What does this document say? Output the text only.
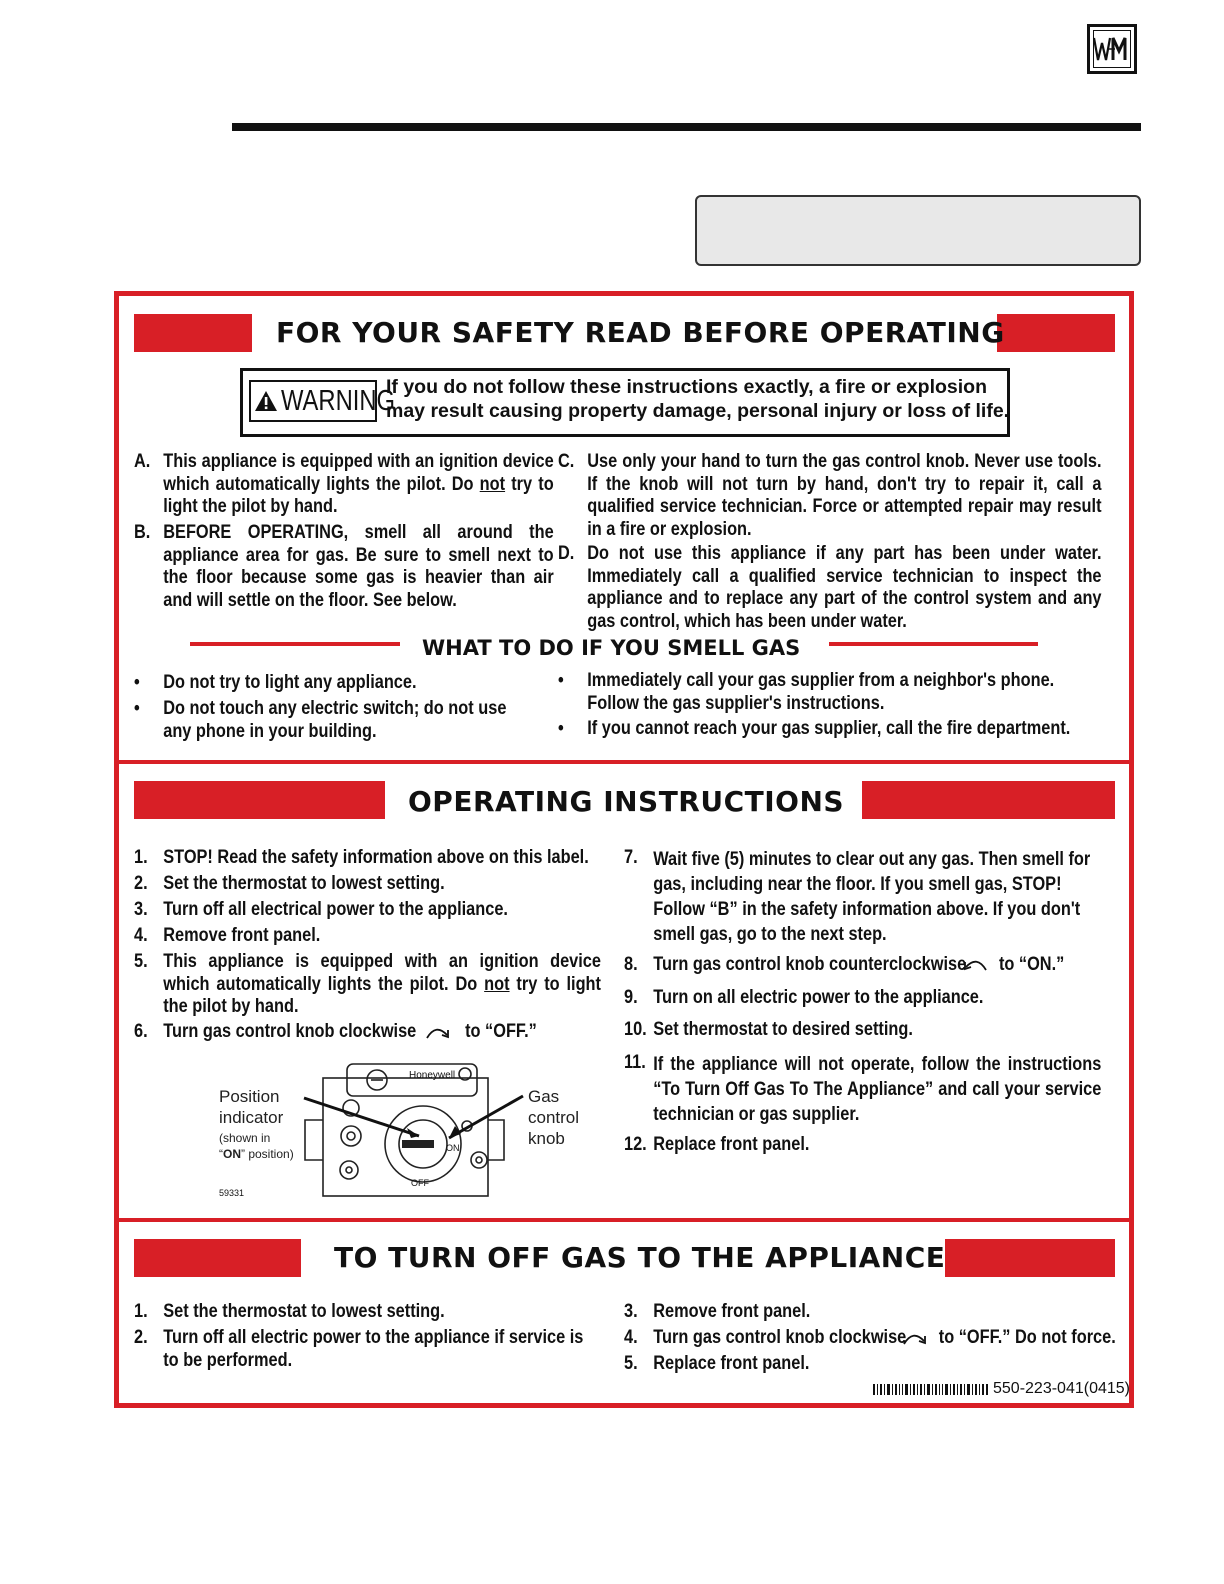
FOR YOUR SAFETY READ BEFORE OPERATING
WARNING
If you do not follow these instructions exactly, a fire or explosion
may result causing property damage, personal injury or loss of life.
A. This appliance is equipped with an ignition device which automatically lights the pilot. Do not try to light the pilot by hand.
B. BEFORE OPERATING, smell all around the appliance area for gas. Be sure to smell next to the floor because some gas is heavier than air and will settle on the floor. See below.
C. Use only your hand to turn the gas control knob. Never use tools. If the knob will not turn by hand, don't try to repair it, call a qualified service technician. Force or attempted repair may result in a fire or explosion.
D. Do not use this appliance if any part has been under water. Immediately call a qualified service technician to inspect the appliance and to replace any part of the control system and any gas control, which has been under water.
WHAT TO DO IF YOU SMELL GAS
• Do not try to light any appliance.
• Do not touch any electric switch; do not use any phone in your building.
• Immediately call your gas supplier from a neighbor's phone. Follow the gas supplier's instructions.
• If you cannot reach your gas supplier, call the fire department.
OPERATING INSTRUCTIONS
1. STOP! Read the safety information above on this label.
2. Set the thermostat to lowest setting.
3. Turn off all electrical power to the appliance.
4. Remove front panel.
5. This appliance is equipped with an ignition device which automatically lights the pilot. Do not try to light the pilot by hand.
6. Turn gas control knob clockwise	to “OFF.”
Position
indicator
(shown in
“ON” position)
Gas
control
knob
Honeywell
ON
OFF
59331
7. Wait five (5) minutes to clear out any gas. Then smell for gas, including near the floor. If you smell gas, STOP! Follow “B” in the safety information above. If you don't smell gas, go to the next step.
8. Turn gas control knob counterclockwise to “ON.”
9. Turn on all electric power to the appliance.
10. Set thermostat to desired setting.
11. If the appliance will not operate, follow the instructions “To Turn Off Gas To The Appliance” and call your service technician or gas supplier.
12. Replace front panel.
TO TURN OFF GAS TO THE APPLIANCE
1. Set the thermostat to lowest setting.
2. Turn off all electric power to the appliance if service is to be performed.
3. Remove front panel.
4. Turn gas control knob clockwise to “OFF.” Do not force.
5. Replace front panel.
550-223-041(0415)
